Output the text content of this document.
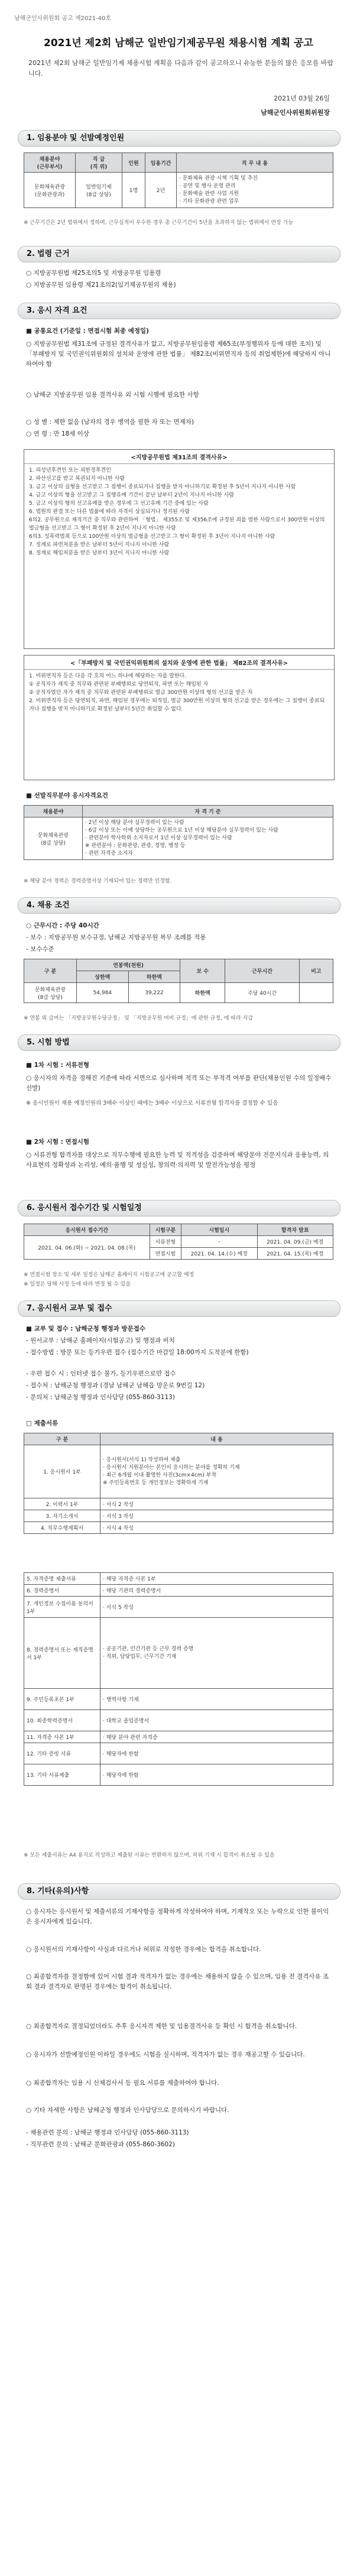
남해군인사위원회 공고 제2021-40호
2021년 제2회 남해군 일반임기제공무원 채용시험 계획 공고
2021년 제2회 남해군 일반임기제 채용시험 계획을 다음과 같이 공고하오니 유능한 분들의 많은 응모를 바랍니다.
2021년 03월 26일
남해군인사위원회위원장
1. 임용분야 및 선발예정인원
채용분야
(근무부서)	직 급
(직 위)	인원	임용기간	직 무 내 용
문화체육관광
(문화관광과)	일반임기제
(8급 상당)	1명	2년	· 문화체육 관광 시책 기획 및 추진
· 공연 및 행사 운영 관리
· 문화예술 관련 사업 지원
· 기타 문화관광 관련 업무
※ 근무기간은 2년 범위에서 정하며, 근무실적이 우수한 경우 총 근무기간이 5년을 초과하지 않는 범위에서 연장 가능
2. 법령 근거
○ 지방공무원법 제25조의5 및 지방공무원 임용령
○ 지방공무원 임용령 제21조의2(임기제공무원의 채용)
3. 응시 자격 요건
■ 공통요건 (기준일 : 면접시험 최종 예정일)
○ 지방공무원법 제31조에 규정된 결격사유가 없고, 지방공무원임용령 제65조(부정행위자 등에 대한 조치) 및 「부패방지 및 국민권익위원회의 설치와 운영에 관한 법률」 제82조(비위면직자 등의 취업제한)에 해당하지 아니하여야 함
○ 남해군 지방공무원 임용 결격사유 외 시험 시행에 필요한 사항
○ 성 별 : 제한 없음 (남자의 경우 병역을 필한 자 또는 면제자)
○ 연 령 : 만 18세 이상
<지방공무원법 제31조의 결격사유>
1. 피성년후견인 또는 피한정후견인
2. 파산선고를 받고 복권되지 아니한 사람
3. 금고 이상의 실형을 선고받고 그 집행이 종료되거나 집행을 받지 아니하기로 확정된 후 5년이 지나지 아니한 사람
4. 금고 이상의 형을 선고받고 그 집행유예 기간이 끝난 날부터 2년이 지나지 아니한 사람
5. 금고 이상의 형의 선고유예를 받은 경우에 그 선고유예 기간 중에 있는 사람
6. 법원의 판결 또는 다른 법률에 따라 자격이 상실되거나 정지된 사람
6의2. 공무원으로 재직기간 중 직무와 관련하여 「형법」 제355조 및 제356조에 규정된 죄를 범한 사람으로서 300만원 이상의 벌금형을 선고받고 그 형이 확정된 후 2년이 지나지 아니한 사람
6의3. 성폭력범죄 등으로 100만원 이상의 벌금형을 선고받고 그 형이 확정된 후 3년이 지나지 아니한 사람
7. 징계로 파면처분을 받은 날부터 5년이 지나지 아니한 사람
8. 징계로 해임처분을 받은 날부터 3년이 지나지 아니한 사람
<「부패방지 및 국민권익위원회의 설치와 운영에 관한 법률」 제82조의 결격사유>
1. 비위면직자 등은 다음 각 호의 어느 하나에 해당하는 자를 말한다.
① 공직자가 재직 중 직무와 관련된 부패행위로 당연퇴직, 파면 또는 해임된 자
② 공직자였던 자가 재직 중 직무와 관련된 부패행위로 벌금 300만원 이상의 형의 선고를 받은 자
2. 비위면직자 등은 당연퇴직, 파면, 해임된 경우에는 퇴직일, 벌금 300만원 이상의 형의 선고를 받은 경우에는 그 집행이 종료되거나 집행을 받지 아니하기로 확정된 날부터 5년간 취업할 수 없다.
■ 선발직무분야 응시자격요건
채용분야	자 격 기 준
문화체육관광
(8급 상당)	· 2년 이상 해당 분야 실무경력이 있는 사람
· 6급 이상 또는 이에 상당하는 공무원으로 1년 이상 해당분야 실무경력이 있는 사람
· 관련분야 학사학위 소지자로서 1년 이상 실무경력이 있는 사람
※ 관련분야 : 문화관광, 관광, 경영, 행정 등
· 관련 자격증 소지자
※ 해당 분야 경력은 경력증명서상 기재되어 있는 경력만 인정함.
4. 채용 조건
○ 근무시간 : 주당 40시간
- 보수 : 지방공무원 보수규정, 남해군 지방공무원 복무 조례를 적용
- 보수수준
구 분	연봉액(천원)		보 수	근무시간	비고
	상한액	하한액			
문화체육관광
(8급 상당)	54,984	39,222	하한액	주당 40시간	
※ 연봉 외 급여는 「지방공무원수당규정」 및 「지방공무원 여비 규정」에 관한 규정, 에 따라 지급
5. 시험 방법
■ 1차 시험 : 서류전형
○ 응시자의 자격을 정해진 기준에 따라 서면으로 심사하며 적격 또는 부적격 여부를 판단(채용인원 수의 일정배수 선발)
※ 응시인원이 채용 예정인원의 3배수 이상인 때에는 3배수 이상으로 서류전형 합격자를 결정할 수 있음
■ 2차 시험 : 면접시험
○ 서류전형 합격자를 대상으로 직무수행에 필요한 능력 및 적격성을 검증하며 해당분야 전문지식과 응용능력, 의사표현의 정확성과 논리성, 예의·품행 및 성실성, 창의력·의지력 및 발전가능성을 평정
6. 응시원서 접수기간 및 시험일정
응시원서 접수기간	시험구분	시험일시	합격자 발표
2021. 04. 06.(화) ~ 2021. 04. 08.(목)	서류전형	-	2021. 04. 09.(금) 예정
	면접시험	2021. 04. 14.(수) 예정	2021. 04. 15.(목) 예정
※ 면접시험 장소 및 세부 일정은 남해군 홈페이지 시험공고에 공고할 예정
※ 일정은 당해 사정 등에 따라 변경 될 수 있음
7. 응시원서 교부 및 접수
■ 교부 및 접수 : 남해군청 행정과 방문접수
- 원서교부 : 남해군 홈페이지(시험공고) 및 행정과 비치
- 접수방법 : 방문 또는 등기우편 접수 (접수기간 마감일 18:00까지 도착분에 한함)
- 우편 접수 시 : 인터넷 접수 불가, 등기우편으로만 접수
- 접수처 : 남해군청 행정과 (경남 남해군 남해읍 망운로 9번길 12)
- 문의처 : 남해군청 행정과 인사담당 (055-860-3113)
□ 제출서류
구 분	내 용
1. 응시원서 1부	· 응시원서(서식 1) 작성하여 제출
· 응시원서 지원분야는 본인이 응시하는 분야를 정확히 기재
· 최근 6개월 이내 촬영한 사진(3cm×4cm) 부착
※ 주민등록번호 등 개인정보는 정확하게 기재
2. 이력서 1부	· 서식 2 작성
3. 자기소개서	· 서식 3 작성
4. 직무수행계획서	· 서식 4 작성
5. 자격증명 제출서류	· 해당 자격증 사본 1부
6. 경력증명서	· 해당 기관의 경력증명서
7. 개인정보 수집이용 동의서 1부	· 서식 5 작성
8. 경력증명서 또는 재직증명서 1부	· 공공기관, 민간기관 등 근무 경력 증명
· 직위, 담당업무, 근무기간 기재
9. 주민등록초본 1부	· 병역사항 기재
10. 최종학력증명서	· 대학교 졸업증명서
11. 자격증 사본 1부	· 해당 분야 관련 자격증
12. 기타 증빙 서류	· 해당자에 한함
13. 기타 서류제출	· 해당자에 한함
※ 모든 제출서류는 A4 용지로 작성하고 제출된 서류는 반환하지 않으며, 허위 기재 시 합격이 취소될 수 있음
8. 기타(유의)사항
○ 응시자는 응시원서 및 제출서류의 기재사항을 정확하게 작성하여야 하며, 기재착오 또는 누락으로 인한 불이익은 응시자에게 있습니다.
○ 응시원서의 기재사항이 사실과 다르거나 허위로 작성한 경우에는 합격을 취소합니다.
○ 최종합격자를 결정함에 있어 시험 결과 적격자가 없는 경우에는 채용하지 않을 수 있으며, 임용 전 결격사유 조회 결과 결격자로 판명된 경우에는 합격이 취소됩니다.
○ 최종합격자로 결정되었더라도 추후 응시자격 제한 및 임용결격사유 등 확인 시 합격을 취소합니다.
○ 응시자가 선발예정인원 이하일 경우에도 시험을 실시하며, 적격자가 없는 경우 재공고할 수 있습니다.
○ 최종합격자는 임용 시 신체검사서 등 필요 서류를 제출하여야 합니다.
○ 기타 자세한 사항은 남해군청 행정과 인사담당으로 문의하시기 바랍니다.
- 채용관련 문의 : 남해군 행정과 인사담당 (055-860-3113)
- 직무관련 문의 : 남해군 문화관광과 (055-860-3602)
